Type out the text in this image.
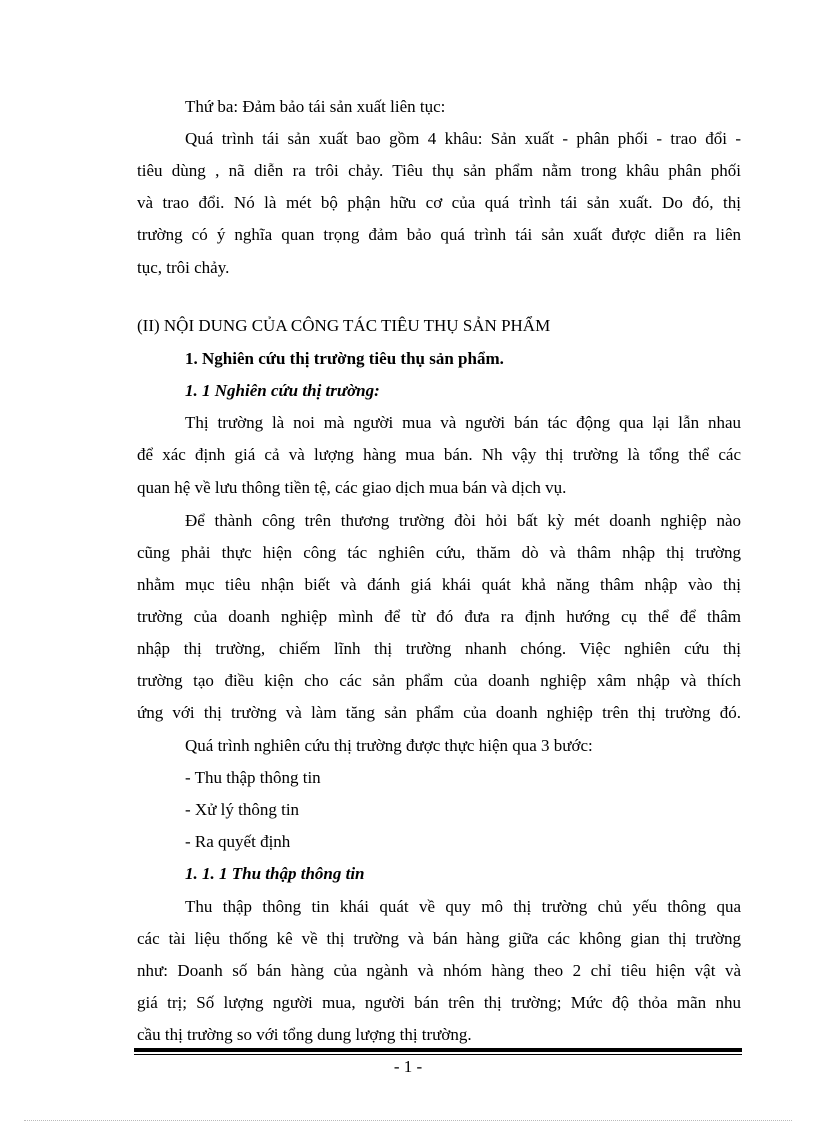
Thứ ba: Đảm bảo tái sản xuất liên tục:
Quá trình tái sản xuất bao gồm 4 khâu: Sản xuất - phân phối - trao đổi -
tiêu dùng , nã diễn ra trôi chảy. Tiêu thụ sản phẩm nằm trong khâu phân phối
và trao đổi. Nó là mét bộ phận hữu cơ của quá trình tái sản xuất. Do đó, thị
trường có ý nghĩa quan trọng đảm bảo quá trình tái sản xuất được diễn ra liên
tục, trôi chảy.
(II) NỘI DUNG CỦA CÔNG TÁC TIÊU THỤ SẢN PHẨM
1. Nghiên cứu thị trường tiêu thụ sản phẩm.
1. 1 Nghiên cứu thị trường:
Thị trường là noi mà người mua và người bán tác động qua lại lẫn nhau
để xác định giá cả và lượng hàng mua bán. Nh vậy thị trường là tổng thể các
quan hệ về lưu thông tiền tệ, các giao dịch mua bán và dịch vụ.
Để thành công trên thương trường đòi hỏi bất kỳ mét doanh nghiệp nào
cũng phải thực hiện công tác nghiên cứu, thăm dò và thâm nhập thị trường
nhằm mục tiêu nhận biết và đánh giá khái quát khả năng thâm nhập vào thị
trường của doanh nghiệp mình để từ đó đưa ra định hướng cụ thể để thâm
nhập thị trường, chiếm lĩnh thị trường nhanh chóng. Việc nghiên cứu thị
trường tạo điều kiện cho các sản phẩm của doanh nghiệp xâm nhập và thích
ứng với thị trường và làm tăng sản phẩm của doanh nghiệp trên thị trường đó.
Quá trình nghiên cứu thị trường được thực hiện qua 3 bước:
- Thu thập thông tin
- Xử lý thông tin
- Ra quyết định
1. 1. 1 Thu thập thông tin
Thu thập thông tin khái quát về quy mô thị trường chủ yếu thông qua
các tài liệu thống kê về thị trường và bán hàng giữa các không gian thị trường
như: Doanh số bán hàng của ngành và nhóm hàng theo 2 chỉ tiêu hiện vật và
giá trị; Số lượng người mua, người bán trên thị trường; Mức độ thỏa mãn nhu
cầu thị trường so với tổng dung lượng thị trường.
- 1 -
